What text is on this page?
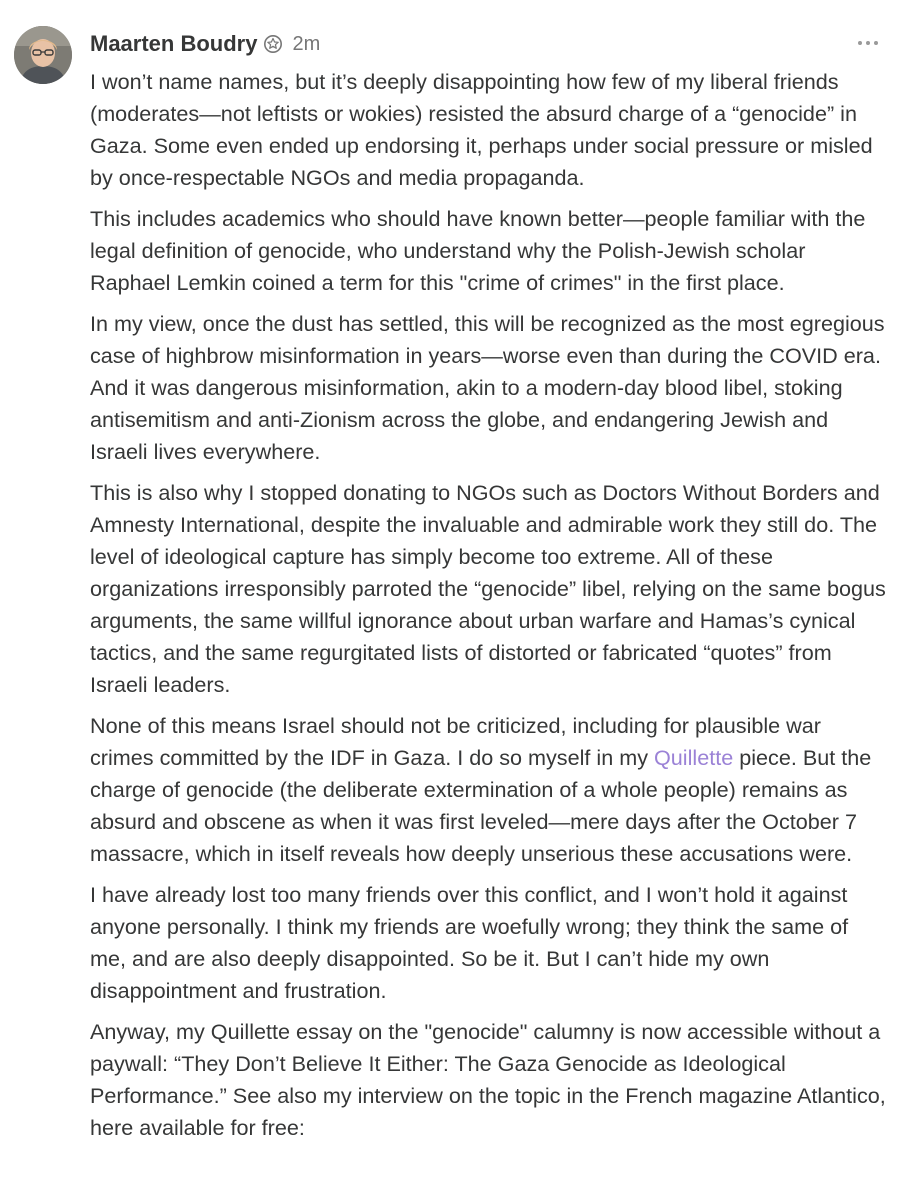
Maarten Boudry 2m

I won’t name names, but it’s deeply disappointing how few of my liberal friends (moderates—not leftists or wokies) resisted the absurd charge of a “genocide” in Gaza. Some even ended up endorsing it, perhaps under social pressure or misled by once-respectable NGOs and media propaganda.

This includes academics who should have known better—people familiar with the legal definition of genocide, who understand why the Polish-Jewish scholar Raphael Lemkin coined a term for this "crime of crimes" in the first place.

In my view, once the dust has settled, this will be recognized as the most egregious case of highbrow misinformation in years—worse even than during the COVID era. And it was dangerous misinformation, akin to a modern-day blood libel, stoking antisemitism and anti-Zionism across the globe, and endangering Jewish and Israeli lives everywhere.

This is also why I stopped donating to NGOs such as Doctors Without Borders and Amnesty International, despite the invaluable and admirable work they still do. The level of ideological capture has simply become too extreme. All of these organizations irresponsibly parroted the “genocide” libel, relying on the same bogus arguments, the same willful ignorance about urban warfare and Hamas’s cynical tactics, and the same regurgitated lists of distorted or fabricated “quotes” from Israeli leaders.

None of this means Israel should not be criticized, including for plausible war crimes committed by the IDF in Gaza. I do so myself in my Quillette piece. But the charge of genocide (the deliberate extermination of a whole people) remains as absurd and obscene as when it was first leveled—mere days after the October 7 massacre, which in itself reveals how deeply unserious these accusations were.

I have already lost too many friends over this conflict, and I won’t hold it against anyone personally. I think my friends are woefully wrong; they think the same of me, and are also deeply disappointed. So be it. But I can’t hide my own disappointment and frustration.

Anyway, my Quillette essay on the "genocide" calumny is now accessible without a paywall: “They Don’t Believe It Either: The Gaza Genocide as Ideological Performance.” See also my interview on the topic in the French magazine Atlantico, here available for free:
